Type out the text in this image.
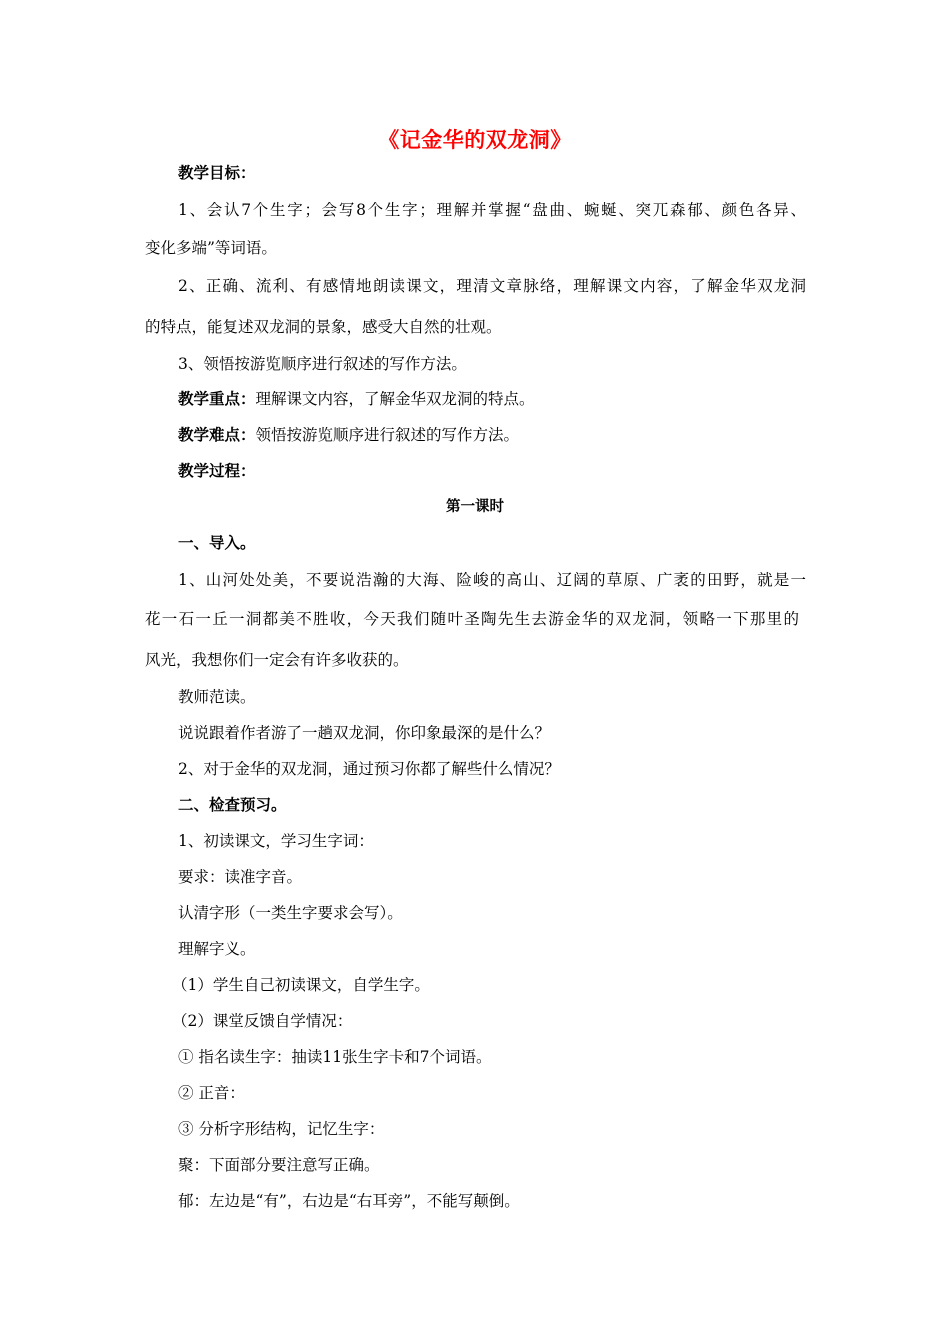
《记金华的双龙洞》
教学目标：
1、会认7个生字；会写8个生字；理解并掌握“盘曲、蜿蜒、突兀森郁、颜色各异、
变化多端”等词语。
2、正确、流利、有感情地朗读课文，理清文章脉络，理解课文内容，了解金华双龙洞
的特点，能复述双龙洞的景象，感受大自然的壮观。
3、领悟按游览顺序进行叙述的写作方法。
教学重点：理解课文内容，了解金华双龙洞的特点。
教学难点：领悟按游览顺序进行叙述的写作方法。
教学过程：
第一课时
一、导入。
1、山河处处美，不要说浩瀚的大海、险峻的高山、辽阔的草原、广袤的田野，就是一
花一石一丘一洞都美不胜收，今天我们随叶圣陶先生去游金华的双龙洞，领略一下那里的
风光，我想你们一定会有许多收获的。
教师范读。
说说跟着作者游了一趟双龙洞，你印象最深的是什么？
2、对于金华的双龙洞，通过预习你都了解些什么情况？
二、检查预习。
1、初读课文，学习生字词：
要求：读准字音。
认清字形（一类生字要求会写）。
理解字义。
（1）学生自己初读课文，自学生字。
（2）课堂反馈自学情况：
① 指名读生字：抽读11张生字卡和7个词语。
② 正音：
③ 分析字形结构，记忆生字：
聚：下面部分要注意写正确。
郁：左边是“有”，右边是“右耳旁”，不能写颠倒。
